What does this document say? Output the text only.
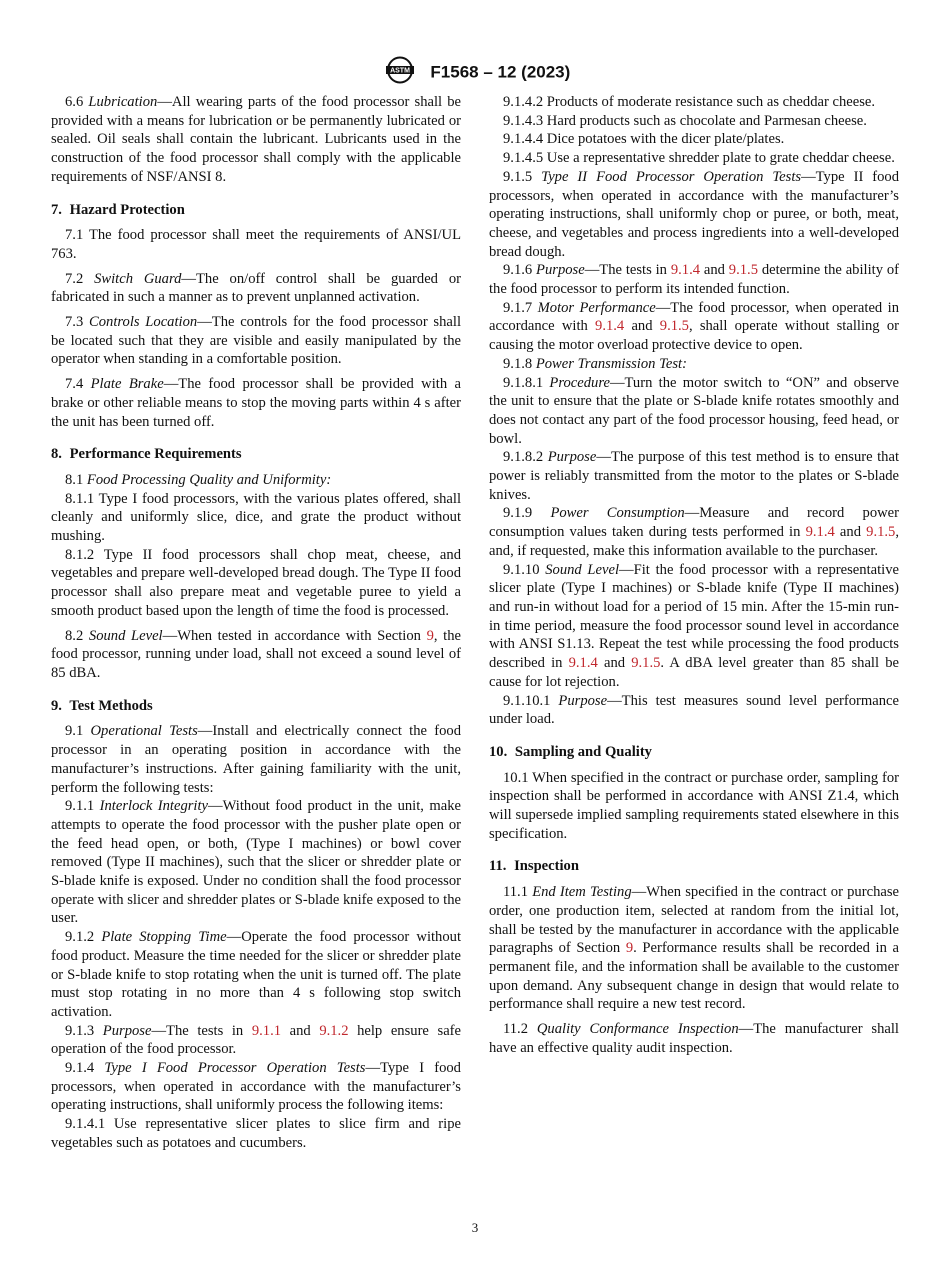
ASTM F1568 – 12 (2023)

6.6 Lubrication—All wearing parts of the food processor shall be provided with a means for lubrication or be permanently lubricated or sealed. Oil seals shall contain the lubricant. Lubricants used in the construction of the food processor shall comply with the applicable requirements of NSF/ANSI 8.

7. Hazard Protection

7.1 The food processor shall meet the requirements of ANSI/UL 763.

7.2 Switch Guard—The on/off control shall be guarded or fabricated in such a manner as to prevent unplanned activation.

7.3 Controls Location—The controls for the food processor shall be located such that they are visible and easily manipulated by the operator when standing in a comfortable position.

7.4 Plate Brake—The food processor shall be provided with a brake or other reliable means to stop the moving parts within 4 s after the unit has been turned off.

8. Performance Requirements

8.1 Food Processing Quality and Uniformity:

8.1.1 Type I food processors, with the various plates offered, shall cleanly and uniformly slice, dice, and grate the product without mushing.

8.1.2 Type II food processors shall chop meat, cheese, and vegetables and prepare well-developed bread dough. The Type II food processor shall also prepare meat and vegetable puree to yield a smooth product based upon the length of time the food is processed.

8.2 Sound Level—When tested in accordance with Section 9, the food processor, running under load, shall not exceed a sound level of 85 dBA.

9. Test Methods

9.1 Operational Tests—Install and electrically connect the food processor in an operating position in accordance with the manufacturer’s instructions. After gaining familiarity with the unit, perform the following tests:

9.1.1 Interlock Integrity—Without food product in the unit, make attempts to operate the food processor with the pusher plate open or the feed head open, or both, (Type I machines) or bowl cover removed (Type II machines), such that the slicer or shredder plate or S-blade knife is exposed. Under no condition shall the food processor operate with slicer and shredder plates or S-blade knife exposed to the user.

9.1.2 Plate Stopping Time—Operate the food processor without food product. Measure the time needed for the slicer or shredder plate or S-blade knife to stop rotating when the unit is turned off. The plate must stop rotating in no more than 4 s following stop switch activation.

9.1.3 Purpose—The tests in 9.1.1 and 9.1.2 help ensure safe operation of the food processor.

9.1.4 Type I Food Processor Operation Tests—Type I food processors, when operated in accordance with the manufacturer’s operating instructions, shall uniformly process the following items:

9.1.4.1 Use representative slicer plates to slice firm and ripe vegetables such as potatoes and cucumbers.

9.1.4.2 Products of moderate resistance such as cheddar cheese.

9.1.4.3 Hard products such as chocolate and Parmesan cheese.

9.1.4.4 Dice potatoes with the dicer plate/plates.

9.1.4.5 Use a representative shredder plate to grate cheddar cheese.

9.1.5 Type II Food Processor Operation Tests—Type II food processors, when operated in accordance with the manufacturer’s operating instructions, shall uniformly chop or puree, or both, meat, cheese, and vegetables and process ingredients into a well-developed bread dough.

9.1.6 Purpose—The tests in 9.1.4 and 9.1.5 determine the ability of the food processor to perform its intended function.

9.1.7 Motor Performance—The food processor, when operated in accordance with 9.1.4 and 9.1.5, shall operate without stalling or causing the motor overload protective device to open.

9.1.8 Power Transmission Test:

9.1.8.1 Procedure—Turn the motor switch to “ON” and observe the unit to ensure that the plate or S-blade knife rotates smoothly and does not contact any part of the food processor housing, feed head, or bowl.

9.1.8.2 Purpose—The purpose of this test method is to ensure that power is reliably transmitted from the motor to the plates or S-blade knives.

9.1.9 Power Consumption—Measure and record power consumption values taken during tests performed in 9.1.4 and 9.1.5, and, if requested, make this information available to the purchaser.

9.1.10 Sound Level—Fit the food processor with a representative slicer plate (Type I machines) or S-blade knife (Type II machines) and run-in without load for a period of 15 min. After the 15-min run-in time period, measure the food processor sound level in accordance with ANSI S1.13. Repeat the test while processing the food products described in 9.1.4 and 9.1.5. A dBA level greater than 85 shall be cause for lot rejection.

9.1.10.1 Purpose—This test measures sound level performance under load.

10. Sampling and Quality

10.1 When specified in the contract or purchase order, sampling for inspection shall be performed in accordance with ANSI Z1.4, which will supersede implied sampling requirements stated elsewhere in this specification.

11. Inspection

11.1 End Item Testing—When specified in the contract or purchase order, one production item, selected at random from the initial lot, shall be tested by the manufacturer in accordance with the applicable paragraphs of Section 9. Performance results shall be recorded in a permanent file, and the information shall be available to the customer upon demand. Any subsequent change in design that would relate to performance shall require a new test record.

11.2 Quality Conformance Inspection—The manufacturer shall have an effective quality audit inspection.

3
